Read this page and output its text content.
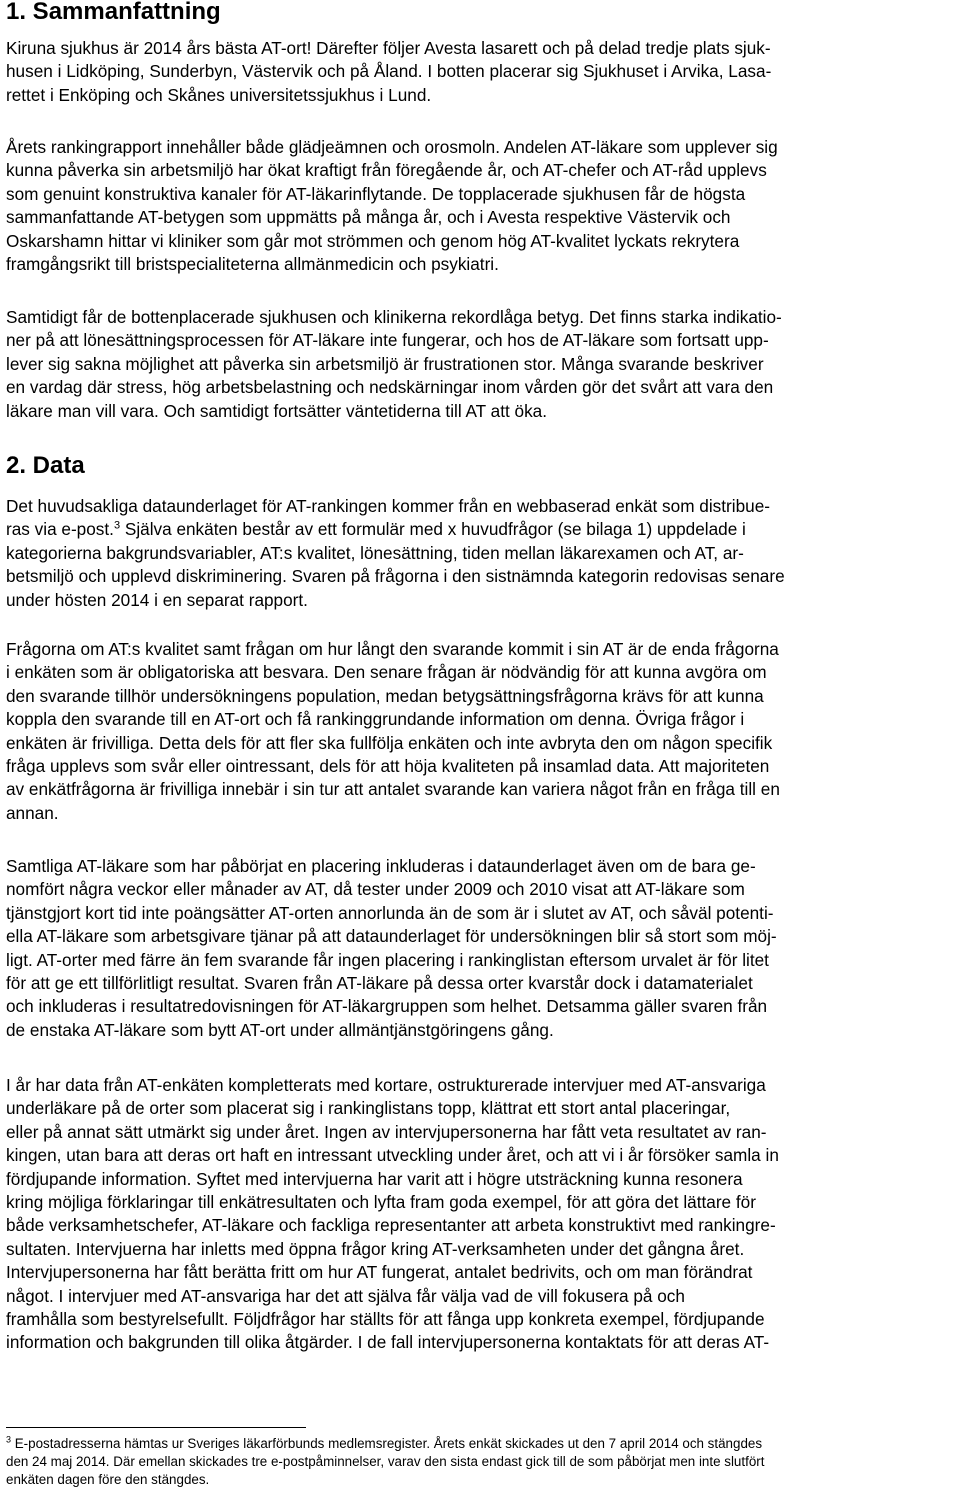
1. Sammanfattning
Kiruna sjukhus är 2014 års bästa AT-ort! Därefter följer Avesta lasarett och på delad tredje plats sjuk-
husen i Lidköping, Sunderbyn, Västervik och på Åland. I botten placerar sig Sjukhuset i Arvika, Lasa-
rettet i Enköping och Skånes universitetssjukhus i Lund.
Årets rankingrapport innehåller både glädjeämnen och orosmoln. Andelen AT-läkare som upplever sig
kunna påverka sin arbetsmiljö har ökat kraftigt från föregående år, och AT-chefer och AT-råd upplevs
som genuint konstruktiva kanaler för AT-läkarinflytande. De topplacerade sjukhusen får de högsta
sammanfattande AT-betygen som uppmätts på många år, och i Avesta respektive Västervik och
Oskarshamn hittar vi kliniker som går mot strömmen och genom hög AT-kvalitet lyckats rekrytera
framgångsrikt till bristspecialiteterna allmänmedicin och psykiatri.
Samtidigt får de bottenplacerade sjukhusen och klinikerna rekordlåga betyg. Det finns starka indikatio-
ner på att lönesättningsprocessen för AT-läkare inte fungerar, och hos de AT-läkare som fortsatt upp-
lever sig sakna möjlighet att påverka sin arbetsmiljö är frustrationen stor. Många svarande beskriver
en vardag där stress, hög arbetsbelastning och nedskärningar inom vården gör det svårt att vara den
läkare man vill vara. Och samtidigt fortsätter väntetiderna till AT att öka.
2. Data
Det huvudsakliga dataunderlaget för AT-rankingen kommer från en webbaserad enkät som distribue-
ras via e-post.$^3$ Själva enkäten består av ett formulär med x huvudfrågor (se bilaga 1) uppdelade i
kategorierna bakgrundsvariabler, AT:s kvalitet, lönesättning, tiden mellan läkarexamen och AT, ar-
betsmiljö och upplevd diskriminering. Svaren på frågorna i den sistnämnda kategorin redovisas senare
under hösten 2014 i en separat rapport.
Frågorna om AT:s kvalitet samt frågan om hur långt den svarande kommit i sin AT är de enda frågorna
i enkäten som är obligatoriska att besvara. Den senare frågan är nödvändig för att kunna avgöra om
den svarande tillhör undersökningens population, medan betygsättningsfrågorna krävs för att kunna
koppla den svarande till en AT-ort och få rankinggrundande information om denna. Övriga frågor i
enkäten är frivilliga. Detta dels för att fler ska fullfölja enkäten och inte avbryta den om någon specifik
fråga upplevs som svår eller ointressant, dels för att höja kvaliteten på insamlad data. Att majoriteten
av enkätfrågorna är frivilliga innebär i sin tur att antalet svarande kan variera något från en fråga till en
annan.
Samtliga AT-läkare som har påbörjat en placering inkluderas i dataunderlaget även om de bara ge-
nomfört några veckor eller månader av AT, då tester under 2009 och 2010 visat att AT-läkare som
tjänstgjort kort tid inte poängsätter AT-orten annorlunda än de som är i slutet av AT, och såväl potenti-
ella AT-läkare som arbetsgivare tjänar på att dataunderlaget för undersökningen blir så stort som möj-
ligt. AT-orter med färre än fem svarande får ingen placering i rankinglistan eftersom urvalet är för litet
för att ge ett tillförlitligt resultat. Svaren från AT-läkare på dessa orter kvarstår dock i datamaterialet
och inkluderas i resultatredovisningen för AT-läkargruppen som helhet. Detsamma gäller svaren från
de enstaka AT-läkare som bytt AT-ort under allmäntjänstgöringens gång.
I år har data från AT-enkäten kompletterats med kortare, ostrukturerade intervjuer med AT-ansvariga
underläkare på de orter som placerat sig i rankinglistans topp, klättrat ett stort antal placeringar,
eller på annat sätt utmärkt sig under året. Ingen av intervjupersonerna har fått veta resultatet av ran-
kingen, utan bara att deras ort haft en intressant utveckling under året, och att vi i år försöker samla in
fördjupande information. Syftet med intervjuerna har varit att i högre utsträckning kunna resonera
kring möjliga förklaringar till enkätresultaten och lyfta fram goda exempel, för att göra det lättare för
både verksamhetschefer, AT-läkare och fackliga representanter att arbeta konstruktivt med rankingre-
sultaten. Intervjuerna har inletts med öppna frågor kring AT-verksamheten under det gångna året.
Intervjupersonerna har fått berätta fritt om hur AT fungerat, antalet bedrivits, och om man förändrat
något. I intervjuer med AT-ansvariga har det att själva får välja vad de vill fokusera på och
framhålla som bestyrelsefullt. Följdfrågor har ställts för att fånga upp konkreta exempel, fördjupande
information och bakgrunden till olika åtgärder. I de fall intervjupersonerna kontaktats för att deras AT-
$^3$ E-postadresserna hämtas ur Sveriges läkarförbunds medlemsregister. Årets enkät skickades ut den 7 april 2014 och stängdes
den 24 maj 2014. Där emellan skickades tre e-postpåminnelser, varav den sista endast gick till de som påbörjat men inte slutfört
enkäten dagen före den stängdes.
